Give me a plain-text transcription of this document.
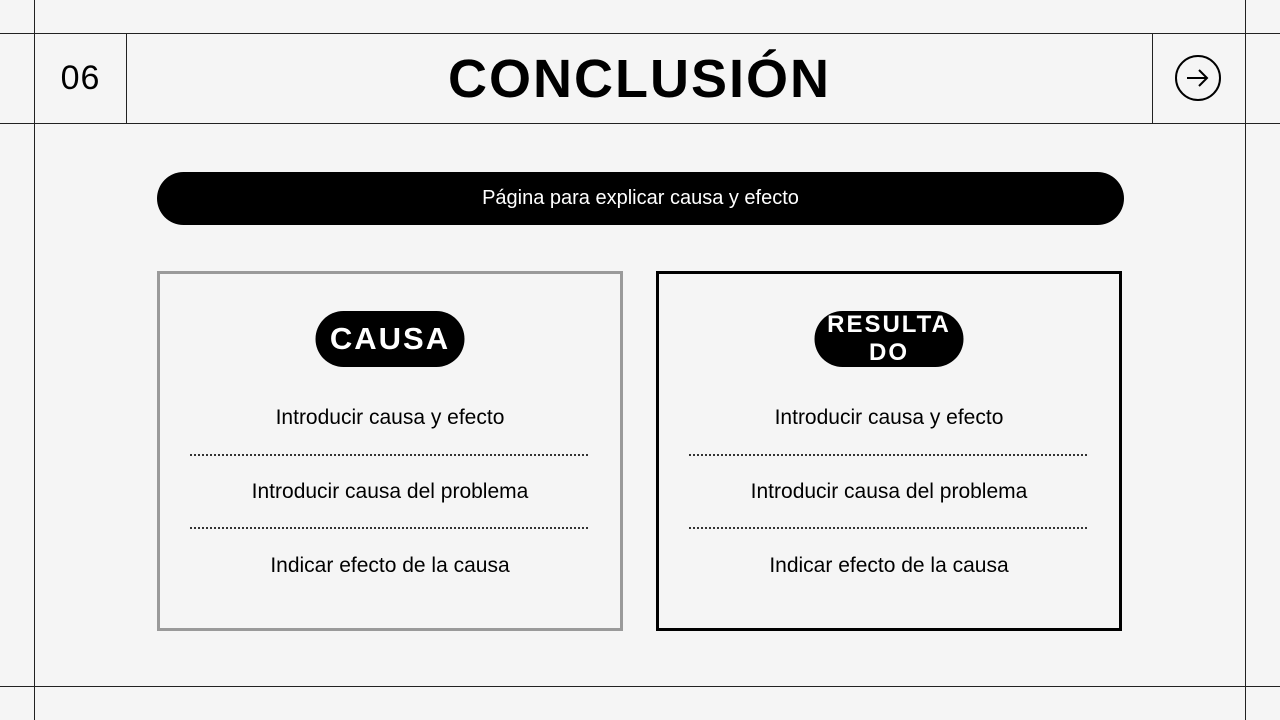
06	CONCLUSIÓN
Página para explicar causa y efecto
CAUSA
Introducir causa y efecto
Introducir causa del problema
Indicar efecto de la causa
RESULTADO
Introducir causa y efecto
Introducir causa del problema
Indicar efecto de la causa
